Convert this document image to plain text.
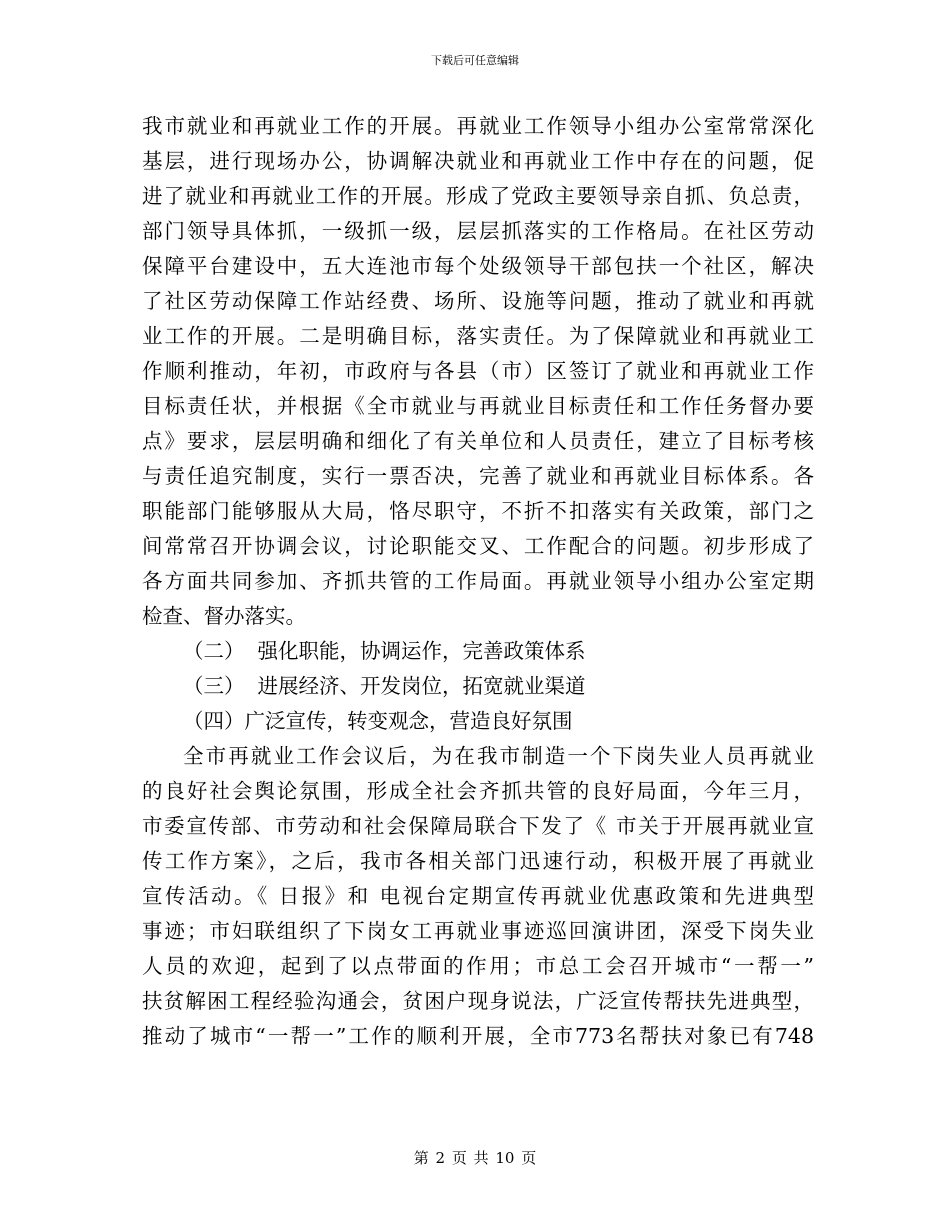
下载后可任意编辑
我市就业和再就业工作的开展。再就业工作领导小组办公室常常深化
基层，进行现场办公，协调解决就业和再就业工作中存在的问题，促
进了就业和再就业工作的开展。形成了党政主要领导亲自抓、负总责，
部门领导具体抓，一级抓一级，层层抓落实的工作格局。在社区劳动
保障平台建设中，五大连池市每个处级领导干部包扶一个社区，解决
了社区劳动保障工作站经费、场所、设施等问题，推动了就业和再就
业工作的开展。二是明确目标，落实责任。为了保障就业和再就业工
作顺利推动，年初，市政府与各县（市）区签订了就业和再就业工作
目标责任状，并根据《全市就业与再就业目标责任和工作任务督办要
点》要求，层层明确和细化了有关单位和人员责任，建立了目标考核
与责任追究制度，实行一票否决，完善了就业和再就业目标体系。各
职能部门能够服从大局，恪尽职守，不折不扣落实有关政策，部门之
间常常召开协调会议，讨论职能交叉、工作配合的问题。初步形成了
各方面共同参加、齐抓共管的工作局面。再就业领导小组办公室定期
检查、督办落实。
（二）  强化职能，协调运作，完善政策体系
（三）  进展经济、开发岗位，拓宽就业渠道
（四）广泛宣传，转变观念，营造良好氛围
全市再就业工作会议后，为在我市制造一个下岗失业人员再就业
的良好社会舆论氛围，形成全社会齐抓共管的良好局面，今年三月，
市委宣传部、市劳动和社会保障局联合下发了《 市关于开展再就业宣
传工作方案》，之后，我市各相关部门迅速行动，积极开展了再就业
宣传活动。《 日报》和 电视台定期宣传再就业优惠政策和先进典型
事迹；市妇联组织了下岗女工再就业事迹巡回演讲团，深受下岗失业
人员的欢迎，起到了以点带面的作用；市总工会召开城市“一帮一”
扶贫解困工程经验沟通会，贫困户现身说法，广泛宣传帮扶先进典型，
推动了城市“一帮一”工作的顺利开展，全市773名帮扶对象已有748
第 2 页 共 10 页
